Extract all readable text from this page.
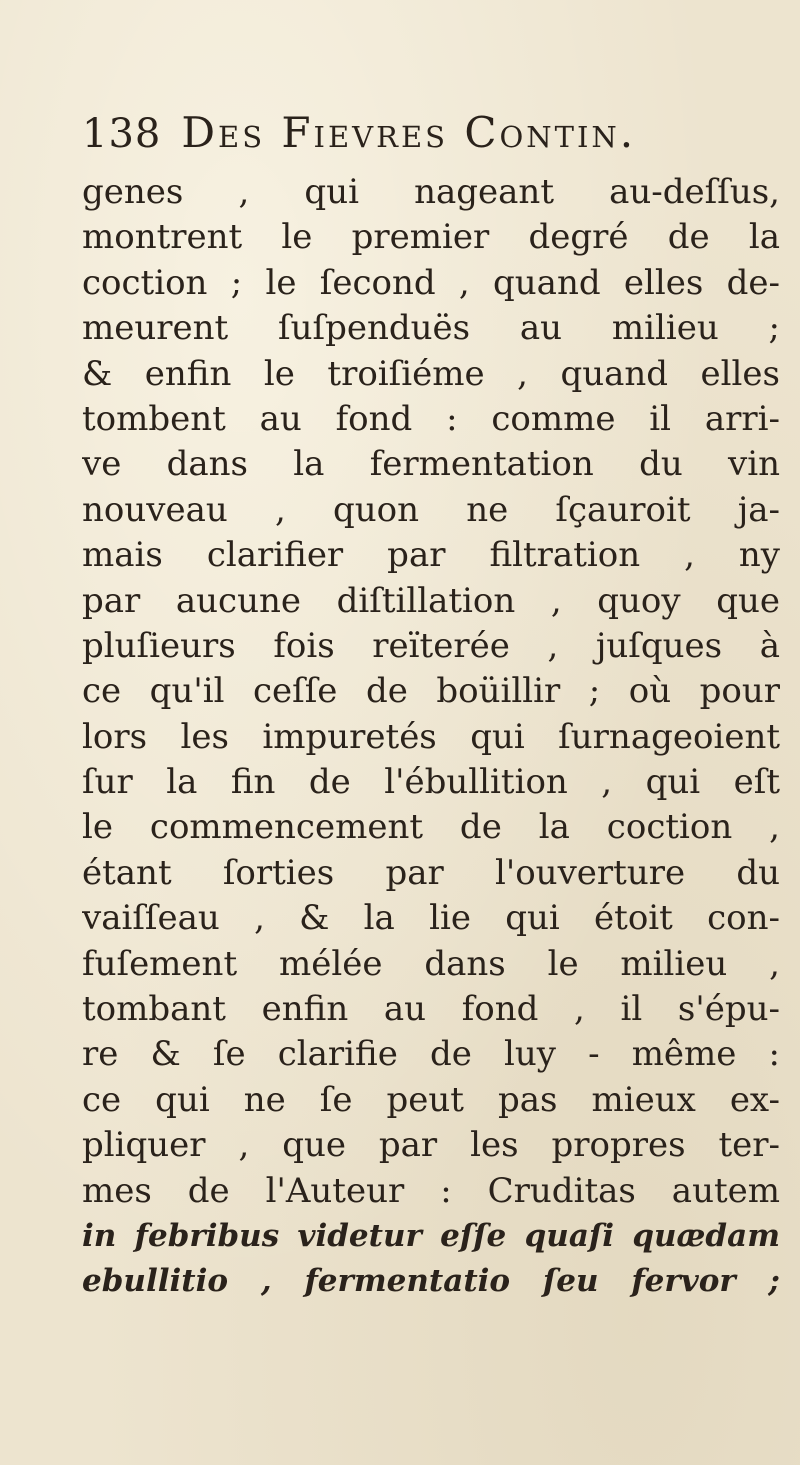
138 Des Fievres Contin.
genes , qui nageant au-deſſus,
montrent le premier degré de la
coction ; le ſecond , quand elles de-
meurent ſuſpenduës au milieu ;
& enfin le troiſiéme , quand elles
tombent au fond : comme il arri-
ve dans la fermentation du vin
nouveau , quon ne ſçauroit ja-
mais clarifier par filtration , ny
par aucune diſtillation , quoy que
pluſieurs fois reïterée , juſques à
ce qu'il ceſſe de boüillir ; où pour
lors les impuretés qui ſurnageoient
ſur la fin de l'ébullition , qui eſt
le commencement de la coction ,
étant ſorties par l'ouverture du
vaiſſeau , & la lie qui étoit con-
fuſement mélée dans le milieu ,
tombant enfin au fond , il s'épu-
re & ſe clarifie de luy - même :
ce qui ne ſe peut pas mieux ex-
pliquer , que par les propres ter-
mes de l'Auteur : Cruditas autem
in febribus videtur eſſe quaſi quædam
ebullitio , fermentatio ſeu fervor ;
